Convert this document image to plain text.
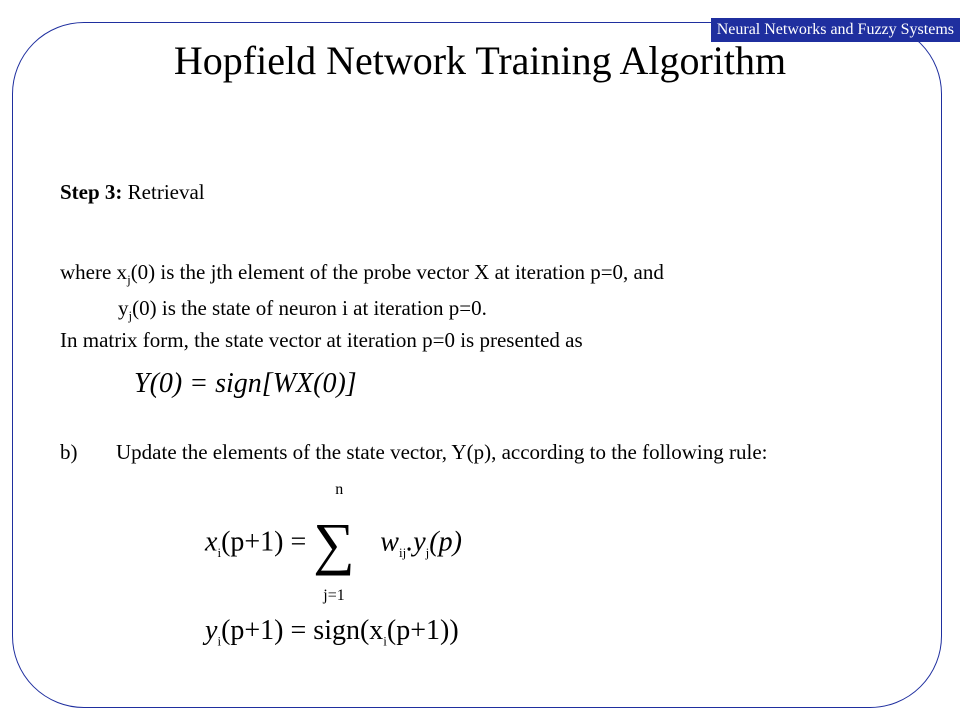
Neural Networks and Fuzzy Systems
Hopfield Network Training Algorithm
Step 3: Retrieval
where $x_j(0)$ is the jth element of the probe vector X at iteration p=0, and
$y_j(0)$ is the state of neuron i at iteration p=0.
In matrix form, the state vector at iteration p=0 is presented as
Y(0) = sign[WX(0)]
b) Update the elements of the state vector, Y(p), according to the following rule:
$x_i(p+1)$ =
n
∑
j=1
$w_{ij}.y_j(p)$
$y_i(p+1)$ = $sign(x_i(p+1))$
